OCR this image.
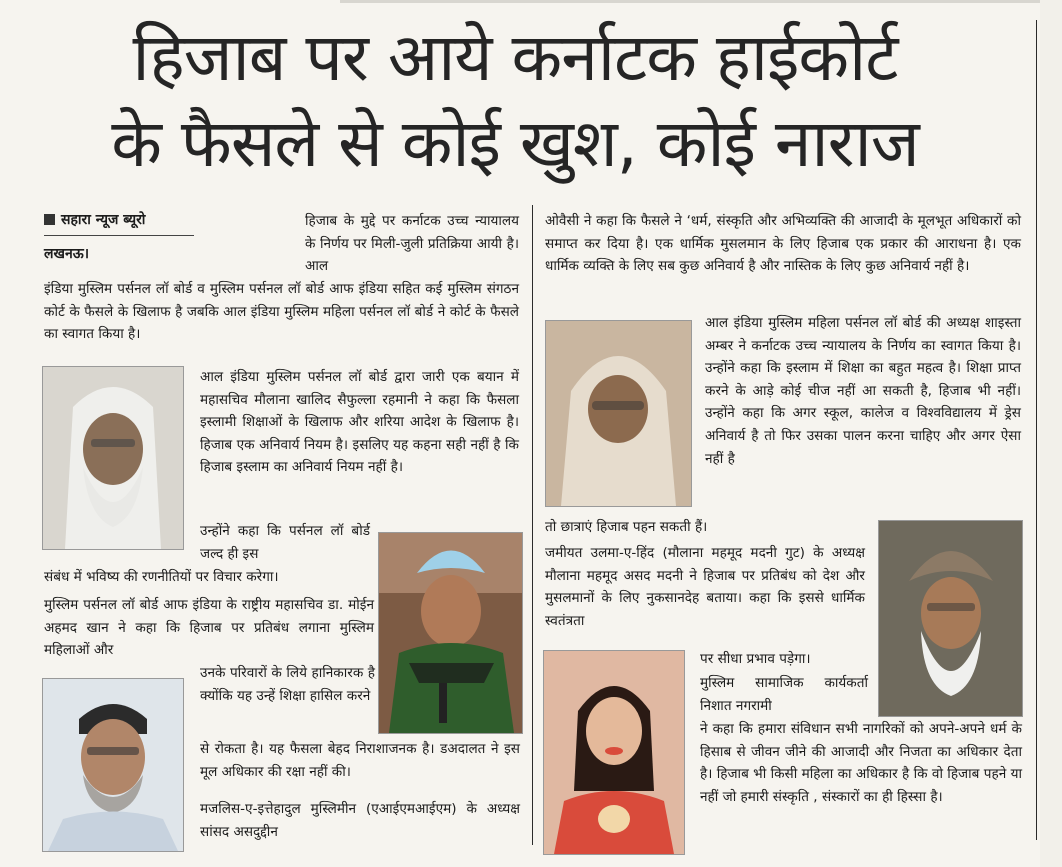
हिजाब पर आये कर्नाटक हाईकोर्ट
के फैसले से कोई खुश, कोई नाराज
सहारा न्यूज ब्यूरो
लखनऊ।
हिजाब के मुद्दे पर कर्नाटक उच्च न्यायालय के निर्णय पर मिली-जुली प्रतिक्रिया आयी है। आल
इंडिया मुस्लिम पर्सनल लॉ बोर्ड व मुस्लिम पर्सनल लॉ बोर्ड आफ इंडिया सहित कई मुस्लिम संगठन कोर्ट के फैसले के खिलाफ है जबकि आल इंडिया मुस्लिम महिला पर्सनल लॉ बोर्ड ने कोर्ट के फैसले का स्वागत किया है।
आल इंडिया मुस्लिम पर्सनल लॉ बोर्ड द्वारा जारी एक बयान में महासचिव मौलाना खालिद सैफुल्ला रहमानी ने कहा कि फैसला इस्लामी शिक्षाओं के खिलाफ और शरिया आदेश के खिलाफ है। हिजाब एक अनिवार्य नियम है। इसलिए यह कहना सही नहीं है कि हिजाब इस्लाम का अनिवार्य नियम नहीं है।
उन्होंने कहा कि पर्सनल लॉ बोर्ड जल्द ही इस
संबंध में भविष्य की रणनीतियों पर विचार करेगा।
मुस्लिम पर्सनल लॉ बोर्ड आफ इंडिया के राष्ट्रीय महासचिव डा. मोईन अहमद खान ने कहा कि हिजाब पर प्रतिबंध लगाना मुस्लिम महिलाओं और
उनके परिवारों के लिये हानिकारक है क्योंकि यह उन्हें शिक्षा हासिल करने
से रोकता है। यह फैसला बेहद निराशाजनक है। डअदालत ने इस मूल अधिकार की रक्षा नहीं की।
मजलिस-ए-इत्तेहादुल मुस्लिमीन (एआईएमआईएम) के अध्यक्ष सांसद असदुद्दीन
ओवैसी ने कहा कि फैसले ने ‘धर्म, संस्कृति और अभिव्यक्ति की आजादी के मूलभूत अधिकारों को समाप्त कर दिया है। एक धार्मिक मुसलमान के लिए हिजाब एक प्रकार की आराधना है। एक धार्मिक व्यक्ति के लिए सब कुछ अनिवार्य है और नास्तिक के लिए कुछ अनिवार्य नहीं है।
आल इंडिया मुस्लिम महिला पर्सनल लॉ बोर्ड की अध्यक्ष शाइस्ता अम्बर ने कर्नाटक उच्च न्यायालय के निर्णय का स्वागत किया है। उन्होंने कहा कि इस्लाम में शिक्षा का बहुत महत्व है। शिक्षा प्राप्त करने के आड़े कोई चीज नहीं आ सकती है, हिजाब भी नहीं। उन्होंने कहा कि अगर स्कूल, कालेज व विश्वविद्यालय में ड्रेस अनिवार्य है तो फिर उसका पालन करना चाहिए और अगर ऐसा नहीं है
तो छात्राएं हिजाब पहन सकती हैं।
जमीयत उलमा-ए-हिंद (मौलाना महमूद मदनी गुट) के अध्यक्ष मौलाना महमूद असद मदनी ने हिजाब पर प्रतिबंध को देश और मुसलमानों के लिए नुकसानदेह बताया। कहा कि इससे धार्मिक स्वतंत्रता
पर सीधा प्रभाव पड़ेगा।
मुस्लिम सामाजिक कार्यकर्ता निशात नगरामी
ने कहा कि हमारा संविधान सभी नागरिकों को अपने-अपने धर्म के हिसाब से जीवन जीने की आजादी और निजता का अधिकार देता है। हिजाब भी किसी महिला का अधिकार है कि वो हिजाब पहने या नहीं जो हमारी संस्कृति , संस्कारों का ही हिस्सा है।
